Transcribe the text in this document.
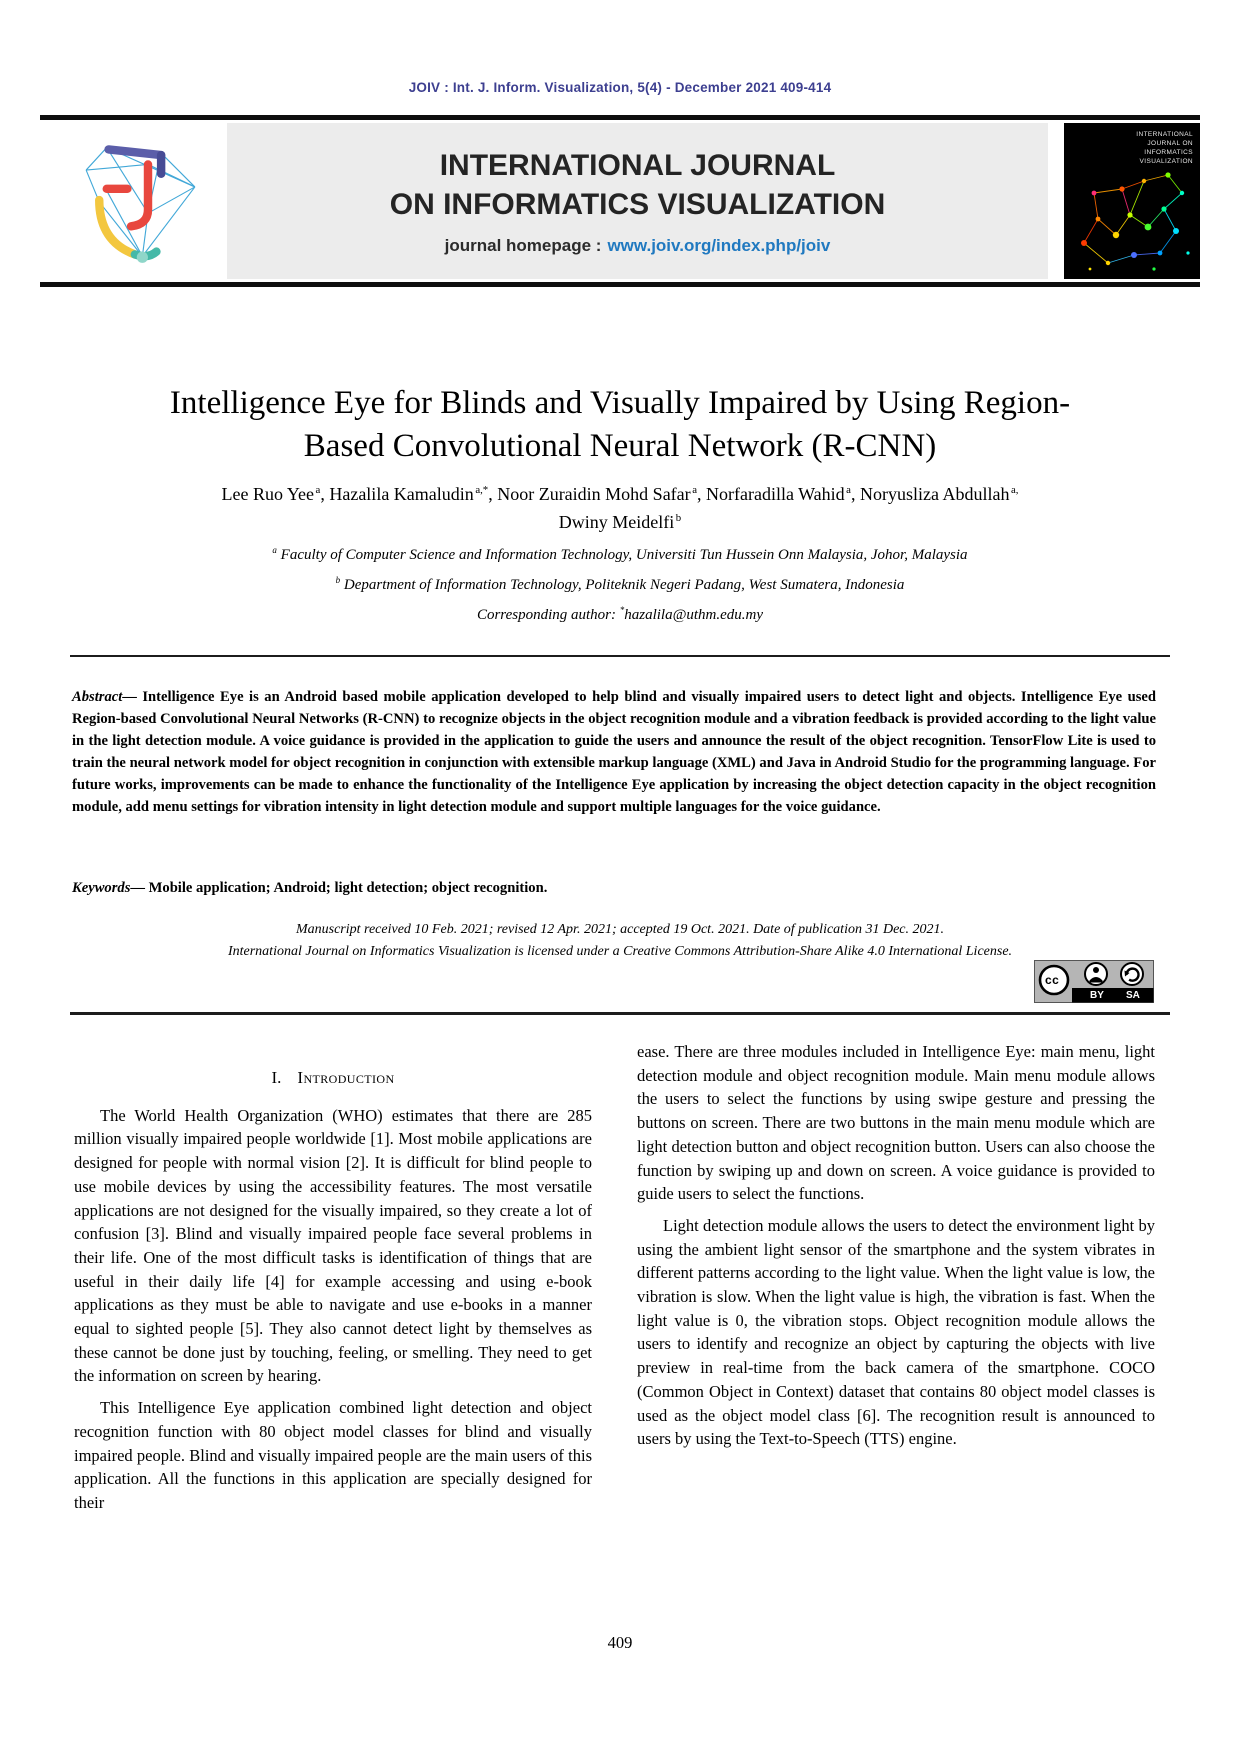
JOIV : Int. J. Inform. Visualization, 5(4) - December 2021 409-414
INTERNATIONAL JOURNAL
ON INFORMATICS VISUALIZATION
journal homepage : www.joiv.org/index.php/joiv
INTERNATIONAL
JOURNAL ON
INFORMATICS
VISUALIZATION
Intelligence Eye for Blinds and Visually Impaired by Using Region-
Based Convolutional Neural Network (R-CNN)
Lee Ruo Yee  $^a$, Hazalila Kamaludin  $^{a,*}$, Noor Zuraidin Mohd Safar  $^a$, Norfaradilla Wahid  $^a$, Noryusliza Abdullah  $^{a,}$
Dwiny Meidelfi  $^b$
$^a$ Faculty of Computer Science and Information Technology, Universiti Tun Hussein Onn Malaysia, Johor, Malaysia
$^b$ Department of Information Technology, Politeknik Negeri Padang, West Sumatera, Indonesia
Corresponding author: *hazalila@uthm.edu.my
Abstract— Intelligence Eye is an Android based mobile application developed to help blind and visually impaired users to detect light and objects. Intelligence Eye used Region-based Convolutional Neural Networks (R-CNN) to recognize objects in the object recognition module and a vibration feedback is provided according to the light value in the light detection module. A voice guidance is provided in the application to guide the users and announce the result of the object recognition. TensorFlow Lite is used to train the neural network model for object recognition in conjunction with extensible markup language (XML) and Java in Android Studio for the programming language. For future works, improvements can be made to enhance the functionality of the Intelligence Eye application by increasing the object detection capacity in the object recognition module, add menu settings for vibration intensity in light detection module and support multiple languages for the voice guidance.
Keywords— Mobile application; Android; light detection; object recognition.
Manuscript received 10 Feb. 2021; revised 12 Apr. 2021; accepted 19 Oct. 2021. Date of publication 31 Dec. 2021.
International Journal on Informatics Visualization is licensed under a Creative Commons Attribution-Share Alike 4.0 International License.
cc
BY SA
I. Introduction

The World Health Organization (WHO) estimates that there are 285 million visually impaired people worldwide [1]. Most mobile applications are designed for people with normal vision [2]. It is difficult for blind people to use mobile devices by using the accessibility features. The most versatile applications are not designed for the visually impaired, so they create a lot of confusion [3]. Blind and visually impaired people face several problems in their life. One of the most difficult tasks is identification of things that are useful in their daily life [4] for example accessing and using e-book applications as they must be able to navigate and use e-books in a manner equal to sighted people [5]. They also cannot detect light by themselves as these cannot be done just by touching, feeling, or smelling. They need to get the information on screen by hearing.

This Intelligence Eye application combined light detection and object recognition function with 80 object model classes for blind and visually impaired people. Blind and visually impaired people are the main users of this application. All the functions in this application are specially designed for their

ease. There are three modules included in Intelligence Eye: main menu, light detection module and object recognition module. Main menu module allows the users to select the functions by using swipe gesture and pressing the buttons on screen. There are two buttons in the main menu module which are light detection button and object recognition button. Users can also choose the function by swiping up and down on screen. A voice guidance is provided to guide users to select the functions.

Light detection module allows the users to detect the environment light by using the ambient light sensor of the smartphone and the system vibrates in different patterns according to the light value. When the light value is low, the vibration is slow. When the light value is high, the vibration is fast. When the light value is 0, the vibration stops. Object recognition module allows the users to identify and recognize an object by capturing the objects with live preview in real-time from the back camera of the smartphone. COCO (Common Object in Context) dataset that contains 80 object model classes is used as the object model class [6]. The recognition result is announced to users by using the Text-to-Speech (TTS) engine.

409
